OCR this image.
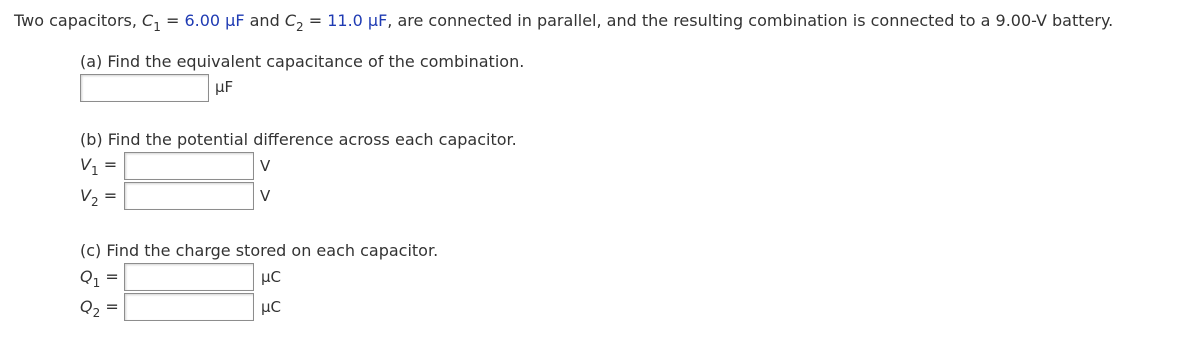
Two capacitors, $C_1 = 6.00$ μF and $C_2 = 11.0$ μF, are connected in parallel, and the resulting combination is connected to a 9.00-V battery.
(a) Find the equivalent capacitance of the combination.
μF
(b) Find the potential difference across each capacitor.
$V_1$ =	V
$V_2$ =	V
(c) Find the charge stored on each capacitor.
$Q_1$ =	μC
$Q_2$ =	μC
